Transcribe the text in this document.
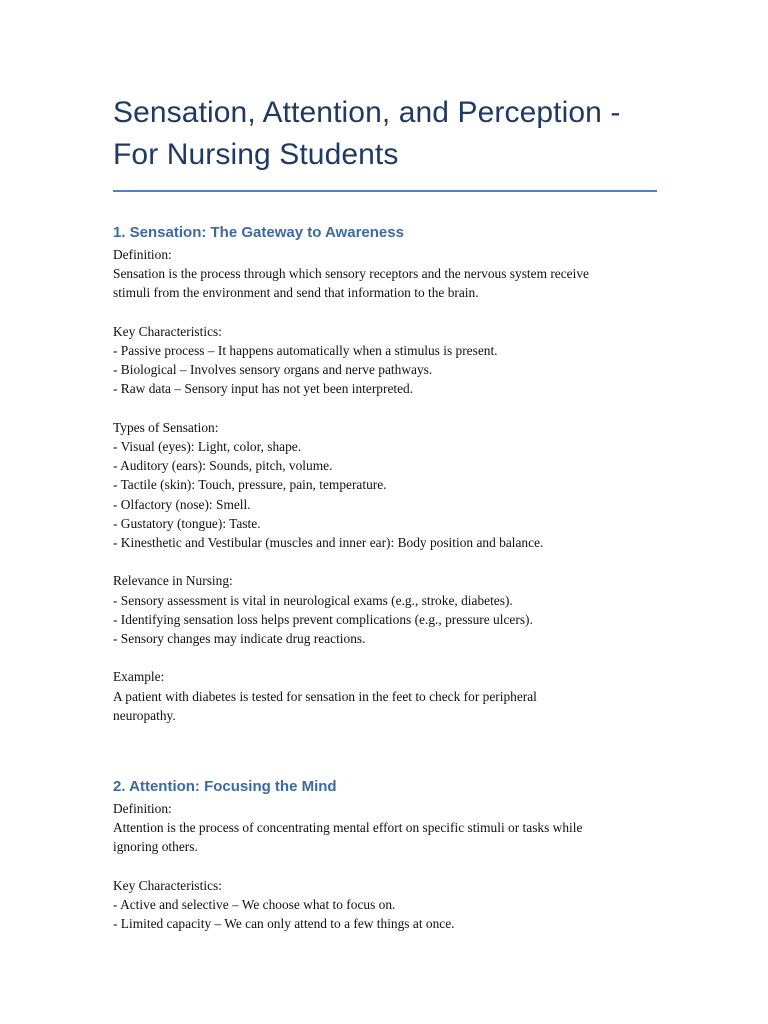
Sensation, Attention, and Perception -
For Nursing Students
1. Sensation: The Gateway to Awareness
Definition:
Sensation is the process through which sensory receptors and the nervous system receive
stimuli from the environment and send that information to the brain.
Key Characteristics:
- Passive process – It happens automatically when a stimulus is present.
- Biological – Involves sensory organs and nerve pathways.
- Raw data – Sensory input has not yet been interpreted.
Types of Sensation:
- Visual (eyes): Light, color, shape.
- Auditory (ears): Sounds, pitch, volume.
- Tactile (skin): Touch, pressure, pain, temperature.
- Olfactory (nose): Smell.
- Gustatory (tongue): Taste.
- Kinesthetic and Vestibular (muscles and inner ear): Body position and balance.
Relevance in Nursing:
- Sensory assessment is vital in neurological exams (e.g., stroke, diabetes).
- Identifying sensation loss helps prevent complications (e.g., pressure ulcers).
- Sensory changes may indicate drug reactions.
Example:
A patient with diabetes is tested for sensation in the feet to check for peripheral
neuropathy.
2. Attention: Focusing the Mind
Definition:
Attention is the process of concentrating mental effort on specific stimuli or tasks while
ignoring others.
Key Characteristics:
- Active and selective – We choose what to focus on.
- Limited capacity – We can only attend to a few things at once.
